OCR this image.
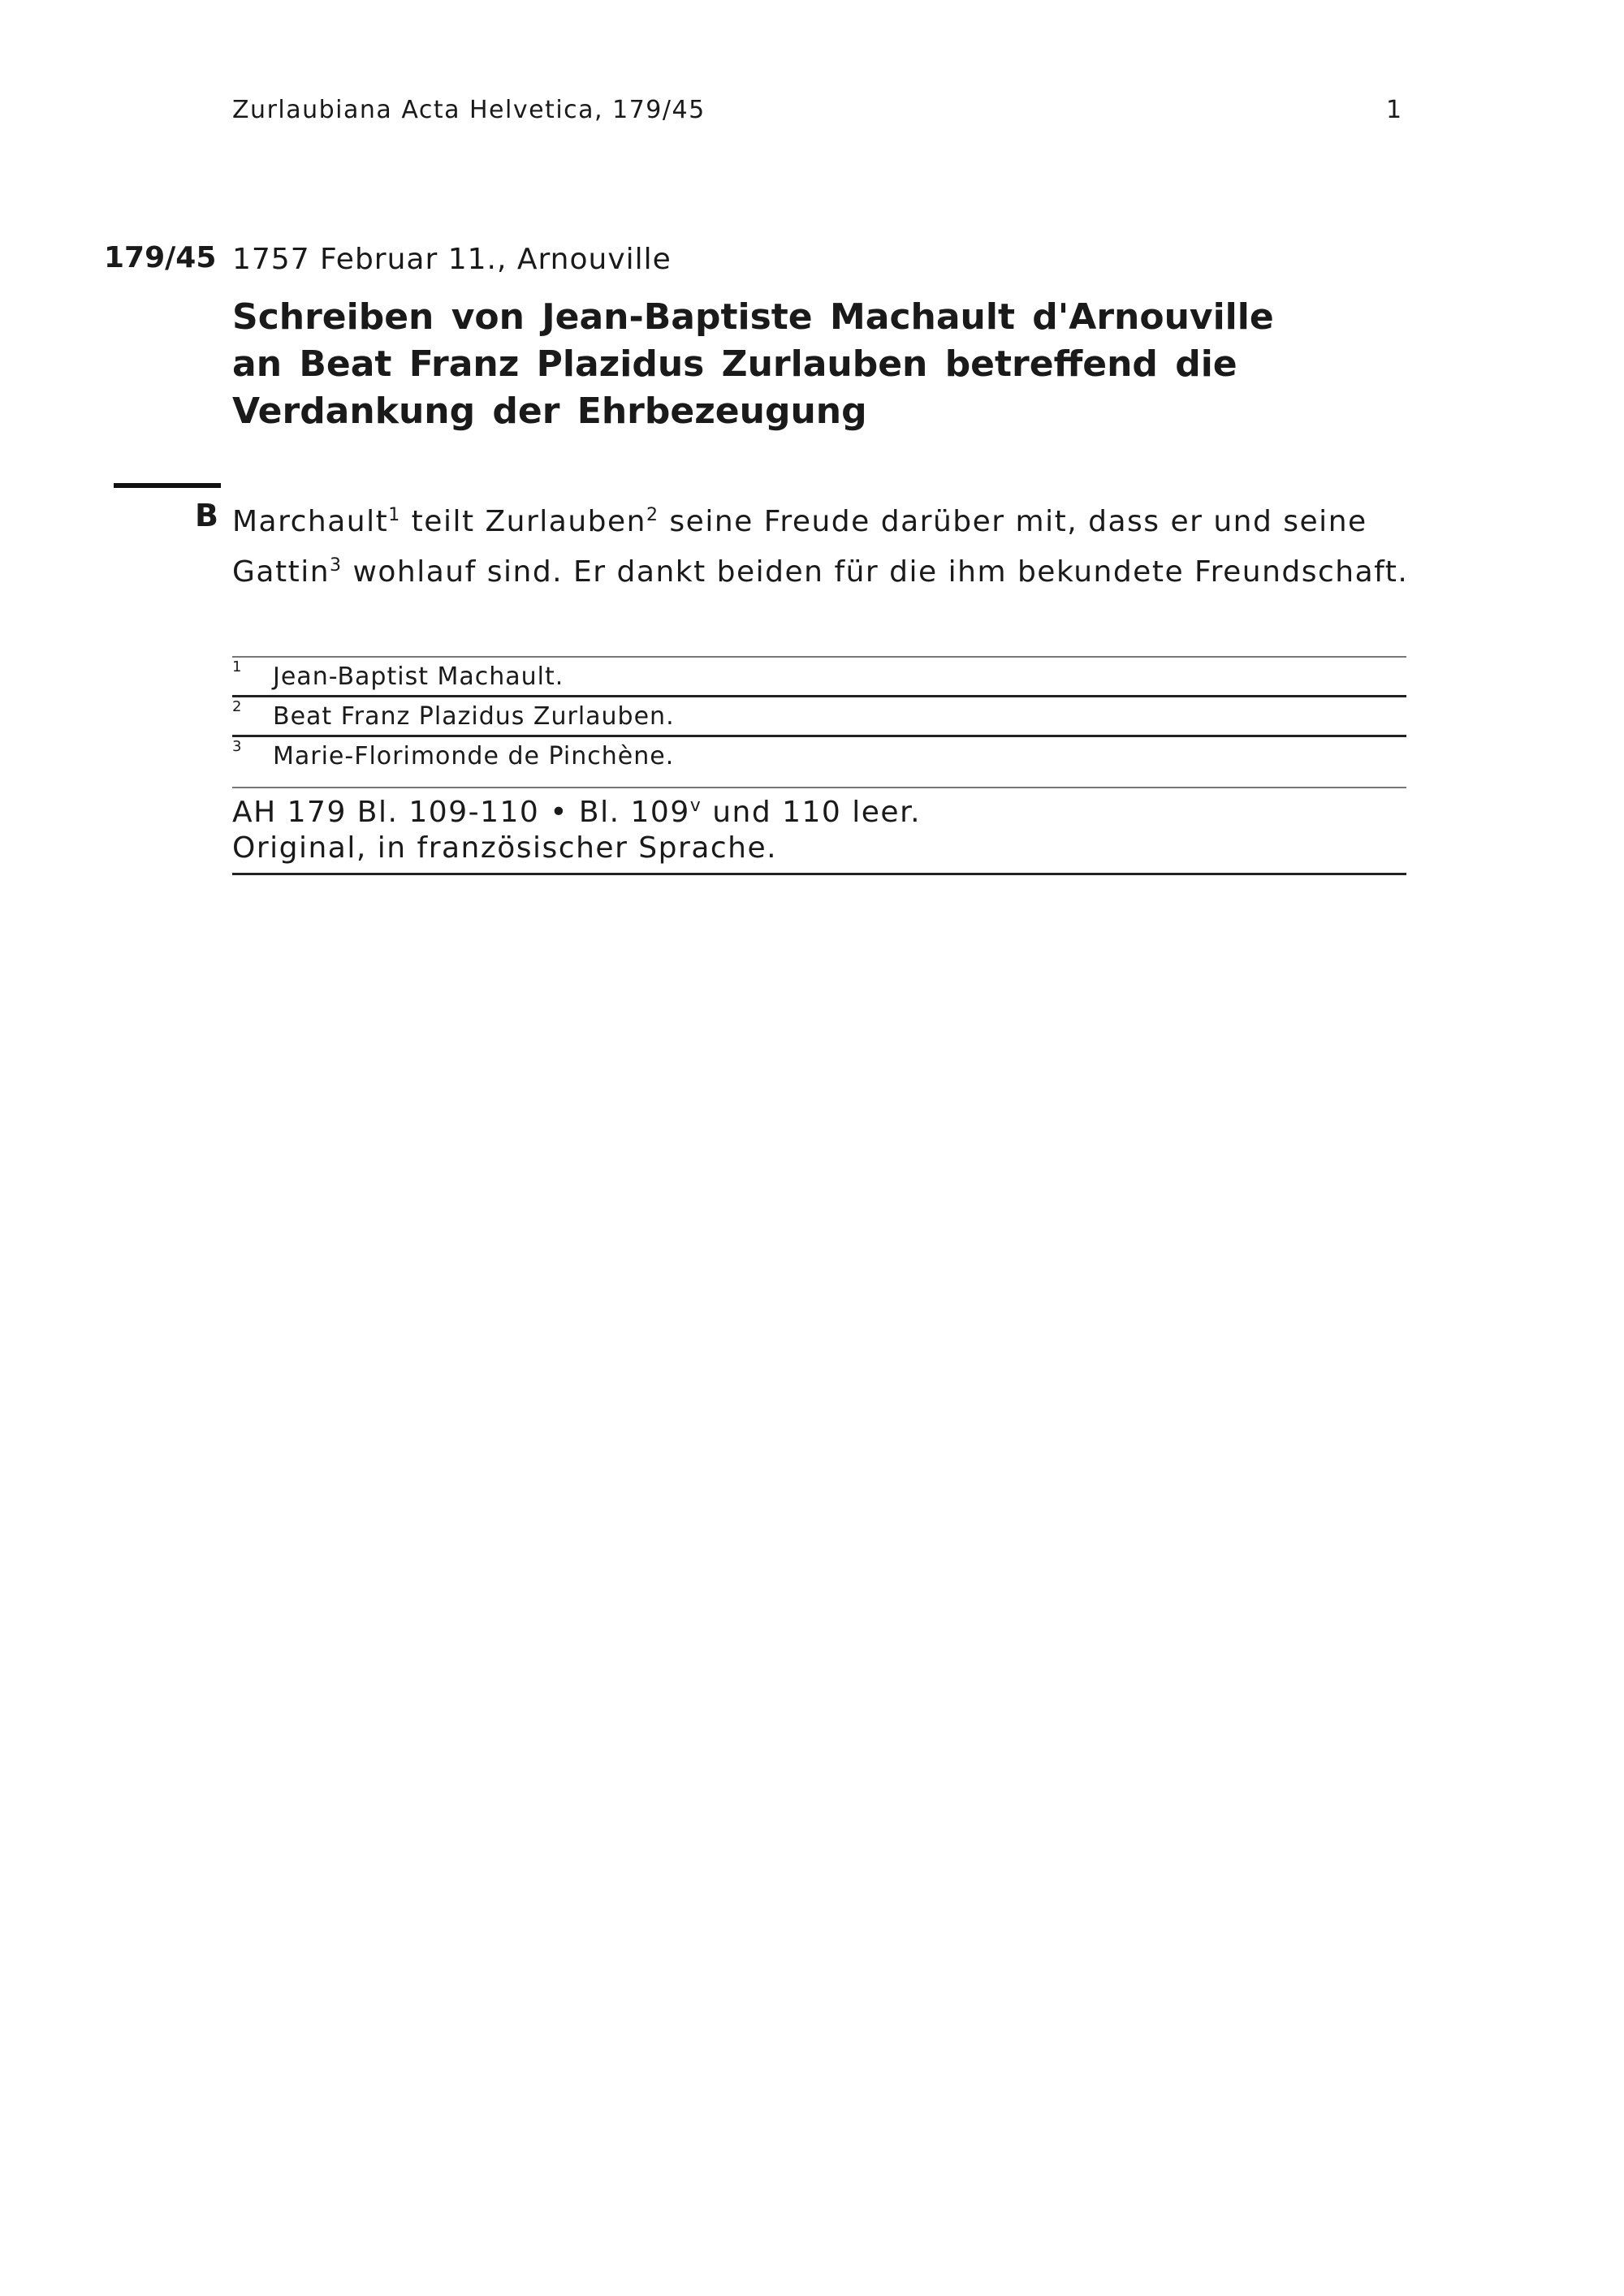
Zurlaubiana Acta Helvetica, 179/45	1
179/45 1757 Februar 11., Arnouville
Schreiben von Jean-Baptiste Machault d'Arnouville an Beat Franz Plazidus Zurlauben betreffend die Verdankung der Ehrbezeugung
B Marchault$^1$ teilt Zurlauben$^2$ seine Freude darüber mit, dass er und seine Gattin$^3$ wohlauf sind. Er dankt beiden für die ihm bekundete Freundschaft.
1 Jean-Baptist Machault.
2 Beat Franz Plazidus Zurlauben.
3 Marie-Florimonde de Pinchène.
AH 179 Bl. 109-110 • Bl. 109$^v$ und 110 leer.
Original, in französischer Sprache.
